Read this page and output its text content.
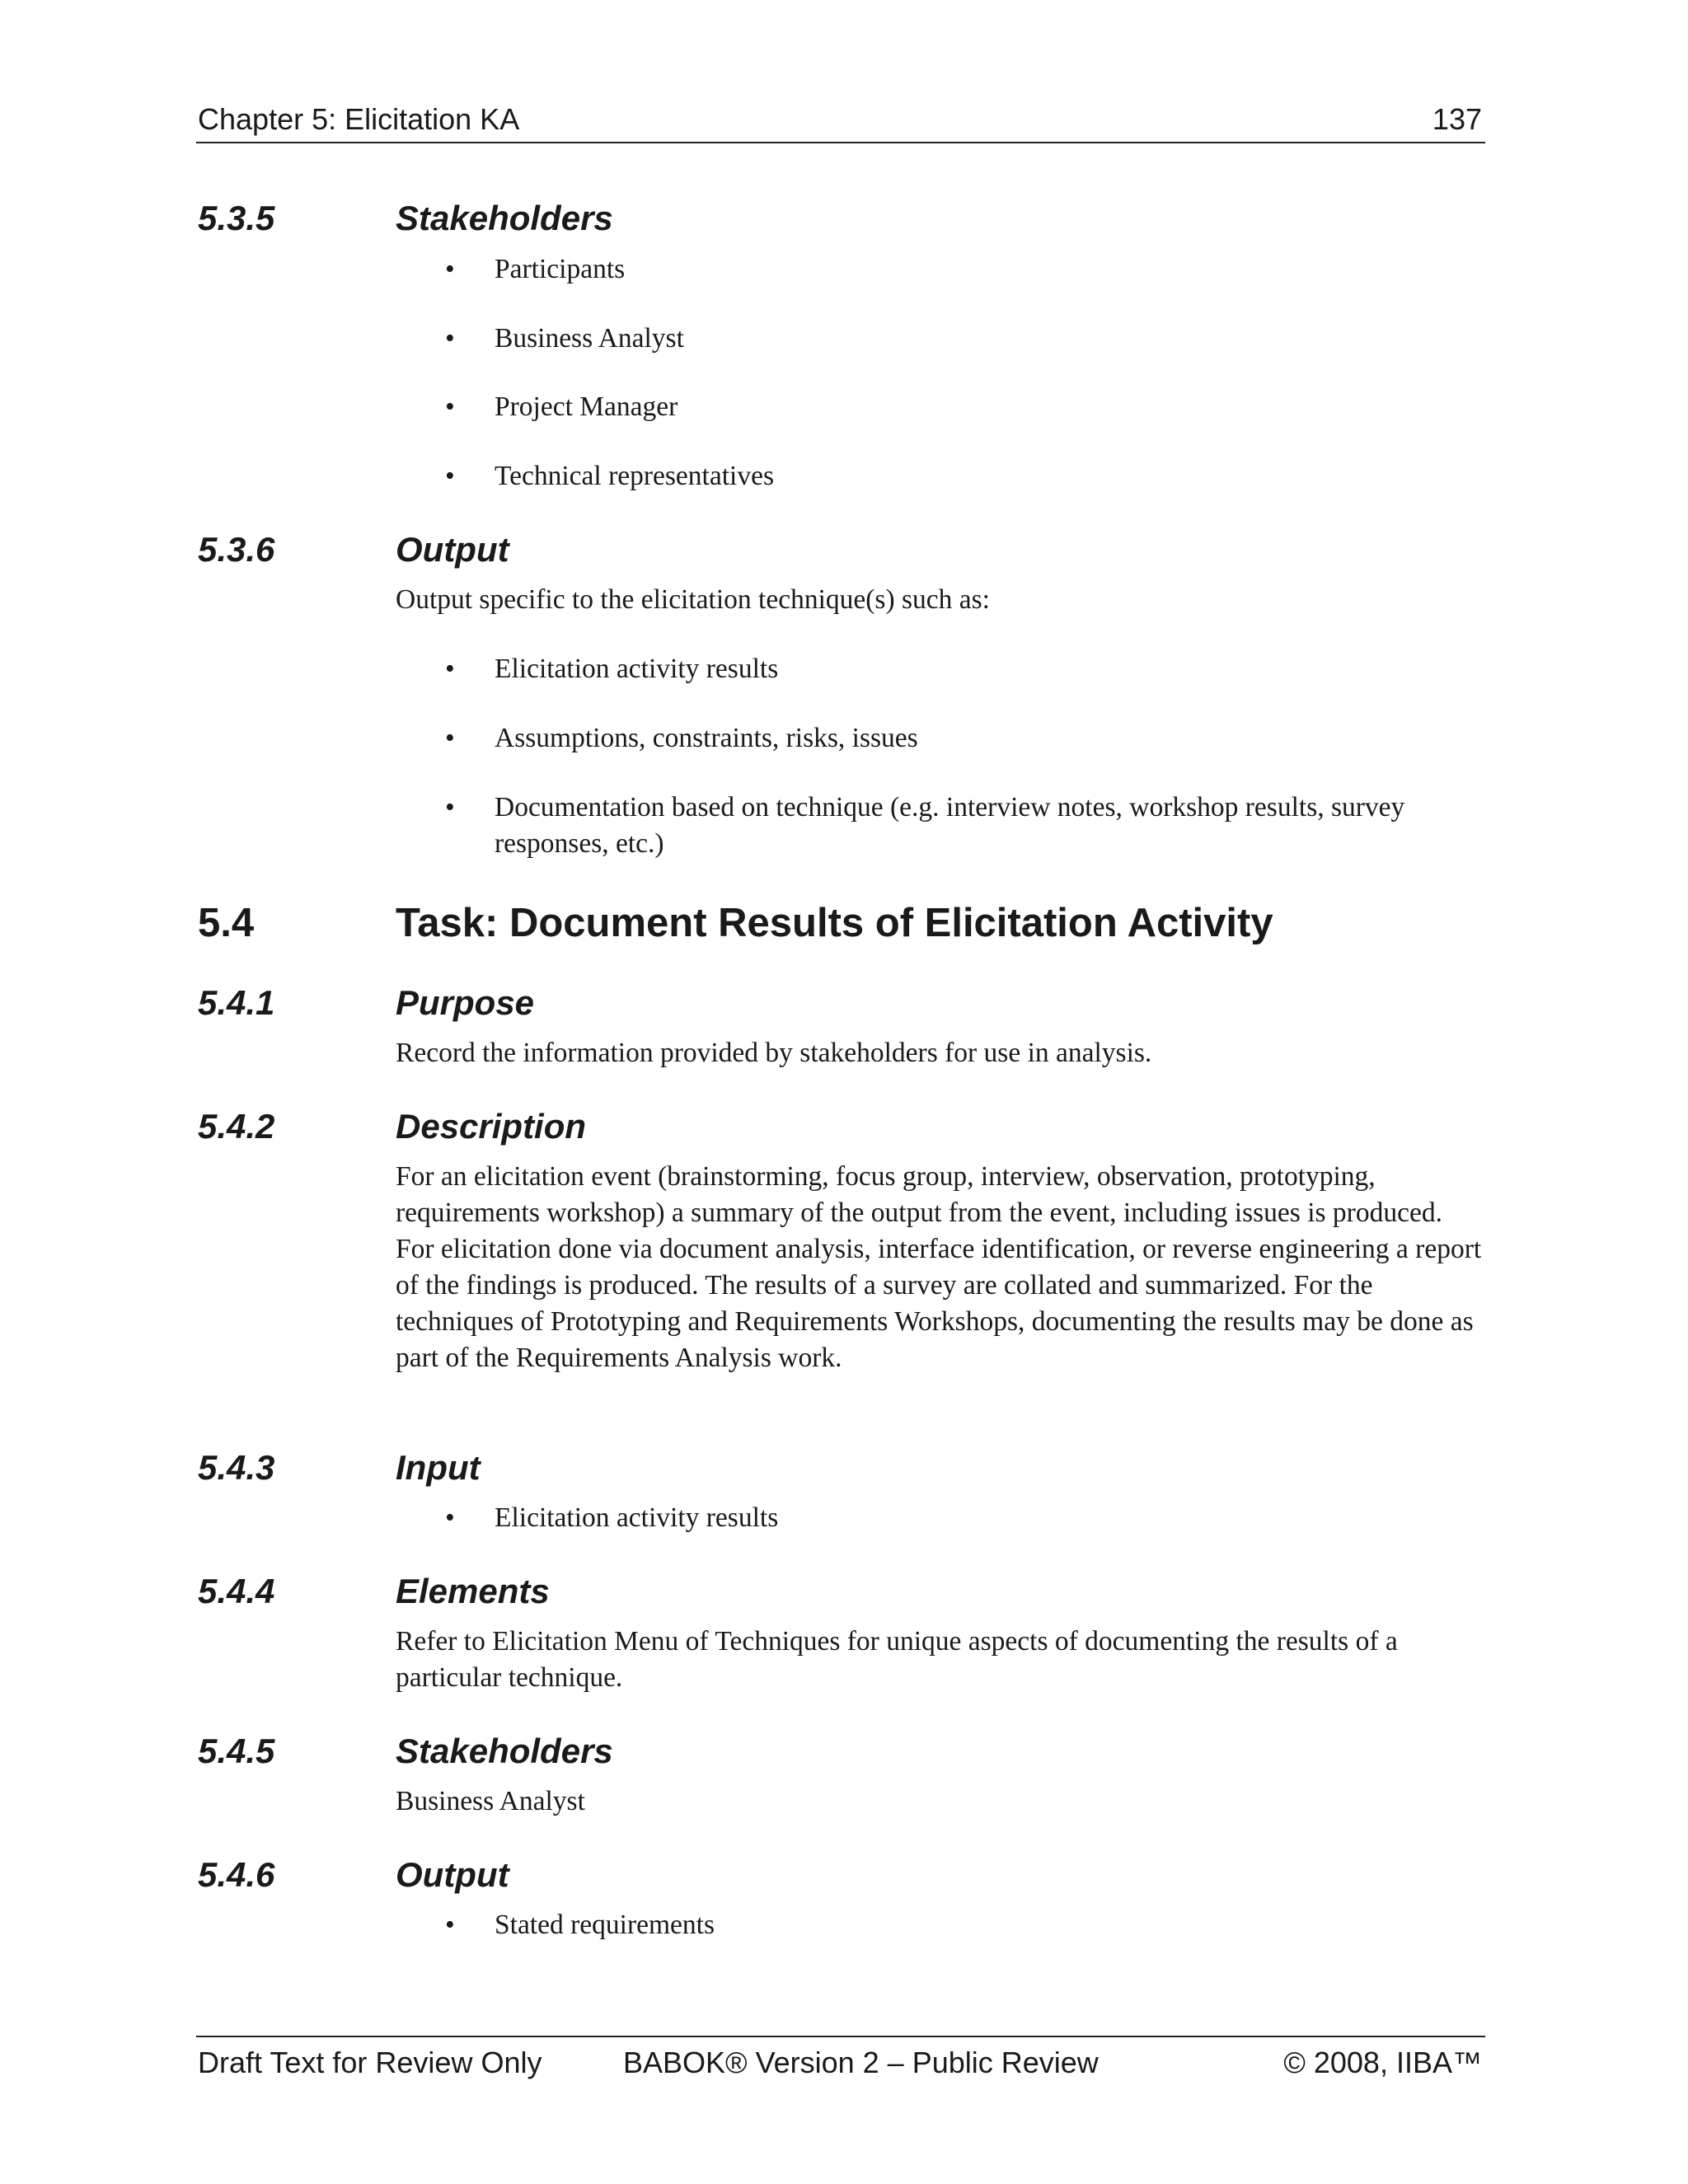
Chapter 5: Elicitation KA	137
5.3.5	Stakeholders
• Participants
• Business Analyst
• Project Manager
• Technical representatives
5.3.6	Output

Output specific to the elicitation technique(s) such as:

• Elicitation activity results
• Assumptions, constraints, risks, issues
• Documentation based on technique (e.g. interview notes, workshop results, survey responses, etc.)
5.4	Task: Document Results of Elicitation Activity
5.4.1	Purpose

Record the information provided by stakeholders for use in analysis.

5.4.2	Description

For an elicitation event (brainstorming, focus group, interview, observation, prototyping, requirements workshop) a summary of the output from the event, including issues is produced. For elicitation done via document analysis, interface identification, or reverse engineering a report of the findings is produced. The results of a survey are collated and summarized. For the techniques of Prototyping and Requirements Workshops, documenting the results may be done as part of the Requirements Analysis work.

5.4.3	Input
• Elicitation activity results
5.4.4	Elements

Refer to Elicitation Menu of Techniques for unique aspects of documenting the results of a particular technique.

5.4.5	Stakeholders

Business Analyst

5.4.6	Output
• Stated requirements
Draft Text for Review Only	BABOK® Version 2 – Public Review	© 2008, IIBA™
